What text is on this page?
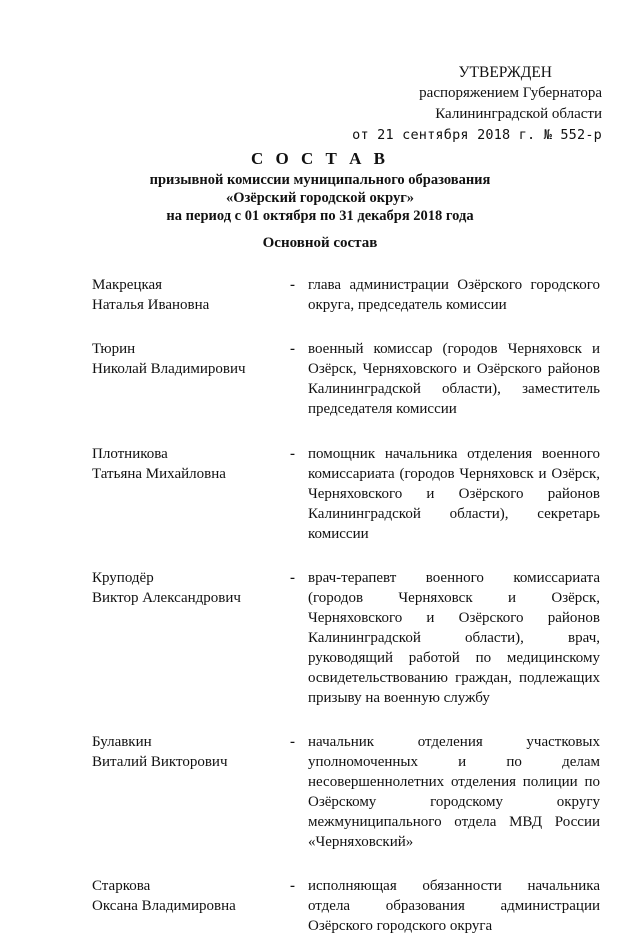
УТВЕРЖДЕН
распоряжением Губернатора
Калининградской области
от 21 сентября 2018 г. № 552-р
С О С Т А В
призывной комиссии муниципального образования
«Озёрский городской округ»
на период с 01 октября по 31 декабря 2018 года
Основной состав
Макрецкая
Наталья Ивановна
- глава администрации Озёрского городского округа, председатель комиссии
Тюрин
Николай Владимирович
- военный комиссар (городов Черняховск и Озёрск, Черняховского и Озёрского районов Калининградской области), заместитель председателя комиссии
Плотникова
Татьяна Михайловна
- помощник начальника отделения военного комиссариата (городов Черняховск и Озёрск, Черняховского и Озёрского районов Калининградской области), секретарь комиссии
Круподёр
Виктор Александрович
- врач-терапевт военного комиссариата (городов Черняховск и Озёрск, Черняховского и Озёрского районов Калининградской области), врач, руководящий работой по медицинскому освидетельствованию граждан, подлежащих призыву на военную службу
Булавкин
Виталий Викторович
- начальник отделения участковых уполномоченных и по делам несовершеннолетних отделения полиции по Озёрскому городскому округу межмуниципального отдела МВД России «Черняховский»
Старкова
Оксана Владимировна
- исполняющая обязанности начальника отдела образования администрации Озёрского городского округа
